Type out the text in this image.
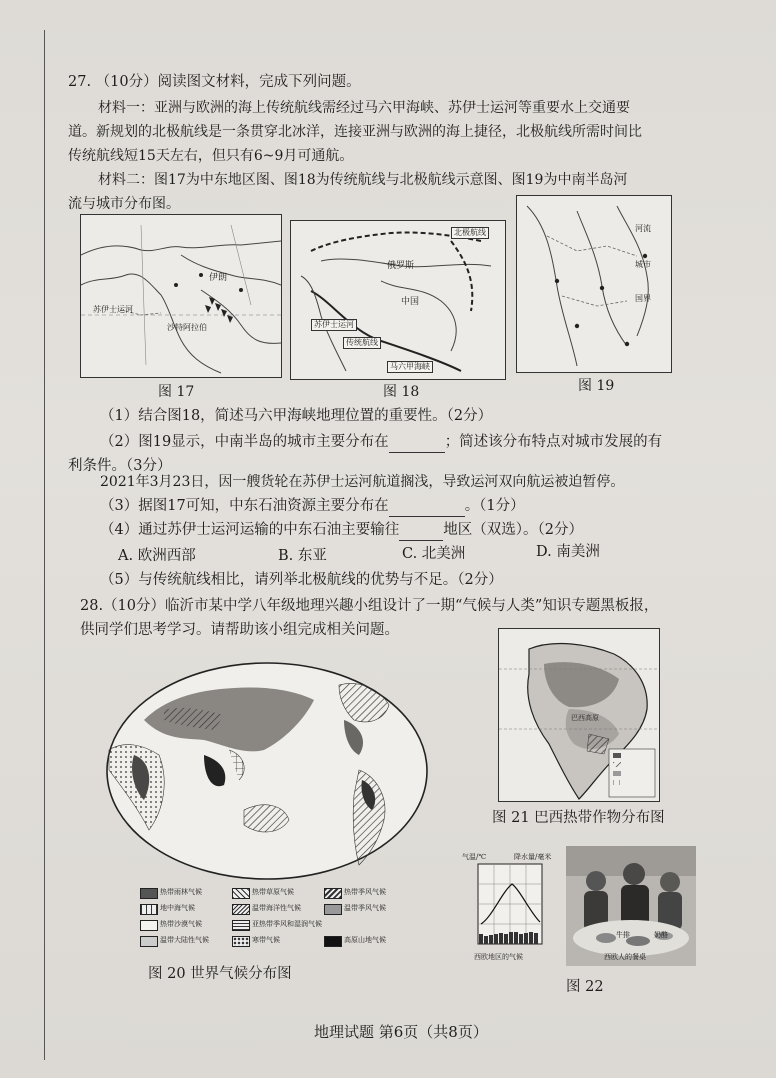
27. （10分）阅读图文材料，完成下列问题。
材料一：亚洲与欧洲的海上传统航线需经过马六甲海峡、苏伊士运河等重要水上交通要
道。新规划的北极航线是一条贯穿北冰洋，连接亚洲与欧洲的海上捷径，北极航线所需时间比
传统航线短15天左右，但只有6~9月可通航。
材料二：图17为中东地区图、图18为传统航线与北极航线示意图、图19为中南半岛河
流与城市分布图。
伊朗
苏伊士运河
沙特阿拉伯
图 17
北极航线
俄罗斯
中国
苏伊士运河
传统航线
马六甲海峡
图 18
河流
城市
国界
图 19
（1）结合图18，简述马六甲海峡地理位置的重要性。（2分）
（2）图19显示，中南半岛的城市主要分布在	；简述该分布特点对城市发展的有
利条件。（3分）
2021年3月23日，因一艘货轮在苏伊士运河航道搁浅，导致运河双向航运被迫暂停。
（3）据图17可知，中东石油资源主要分布在	。（1分）
（4）通过苏伊士运河运输的中东石油主要输往	地区（双选）。（2分）
A. 欧洲西部	B. 东亚	C. 北美洲	D. 南美洲
（5）与传统航线相比，请列举北极航线的优势与不足。（2分）
28.（10分）临沂市某中学八年级地理兴趣小组设计了一期“气候与人类”知识专题黑板报，
供同学们思考学习。请帮助该小组完成相关问题。
热带雨林气候	热带草原气候	热带季风气候
地中海气候	温带海洋性气候	温带季风气候
热带沙漠气候	亚热带季风和湿润气候
温带大陆性气候	寒带气候	高原山地气候
图 20 世界气候分布图
巴西高原
图 21 巴西热带作物分布图
气温/℃	降水量/毫米
西欧地区的气候
牛排	奶酪
西欧人的餐桌
图 22
地理试题 第6页（共8页）
